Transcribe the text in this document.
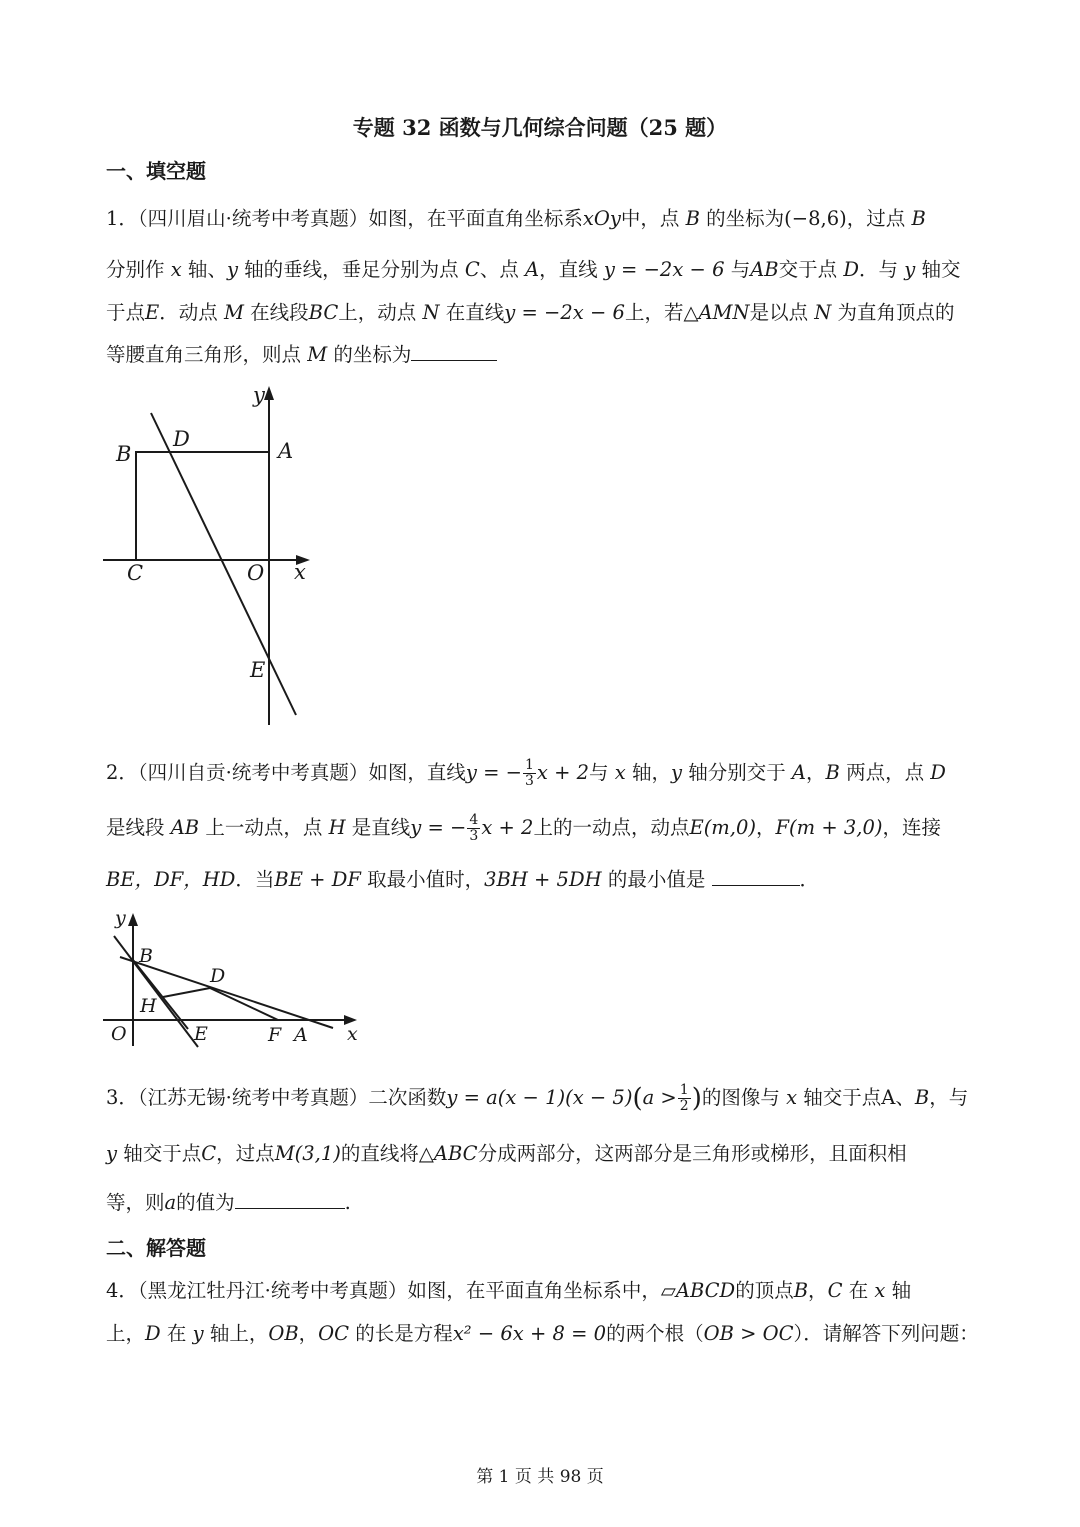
专题 32 函数与几何综合问题（25 题）
一、填空题
1．（四川眉山·统考中考真题）如图，在平面直角坐标系xOy中，点 B 的坐标为(−8,6)，过点 B
分别作 x 轴、y 轴的垂线，垂足分别为点 C、点 A，直线 y = −2x − 6 与AB交于点 D．与 y 轴交
于点E．动点 M 在线段BC上，动点 N 在直线y = −2x − 6上，若△AMN是以点 N 为直角顶点的
等腰直角三角形，则点 M 的坐标为
y
D
B	A
C	O x
E
2．（四川自贡·统考中考真题）如图，直线y = − $\frac{1}{3}$ x + 2与 x 轴，y 轴分别交于 A，B 两点，点 D
是线段 AB 上一动点，点 H 是直线y = − $\frac{4}{3}$ x + 2上的一动点，动点E(m,0)，F(m + 3,0)，连接
BE，DF，HD．当BE + DF 取最小值时，3BH + 5DH 的最小值是	．
y
B
D
H
O	E	F A x
3．（江苏无锡·统考中考真题）二次函数$y = a(x - 1)(x - 5)(a > \frac{1}{2}$ )的图像与 x 轴交于点A、B，与
y 轴交于点C，过点M(3,1)的直线将△ABC分成两部分，这两部分是三角形或梯形，且面积相
等，则a的值为	.
二、解答题
4．（黑龙江牡丹江·统考中考真题）如图，在平面直角坐标系中，▱ABCD的顶点B，C 在 x 轴
上，D 在 y 轴上，OB，OC 的长是方程x² − 6x + 8 = 0的两个根（OB > OC）．请解答下列问题：
第 1 页 共 98 页
